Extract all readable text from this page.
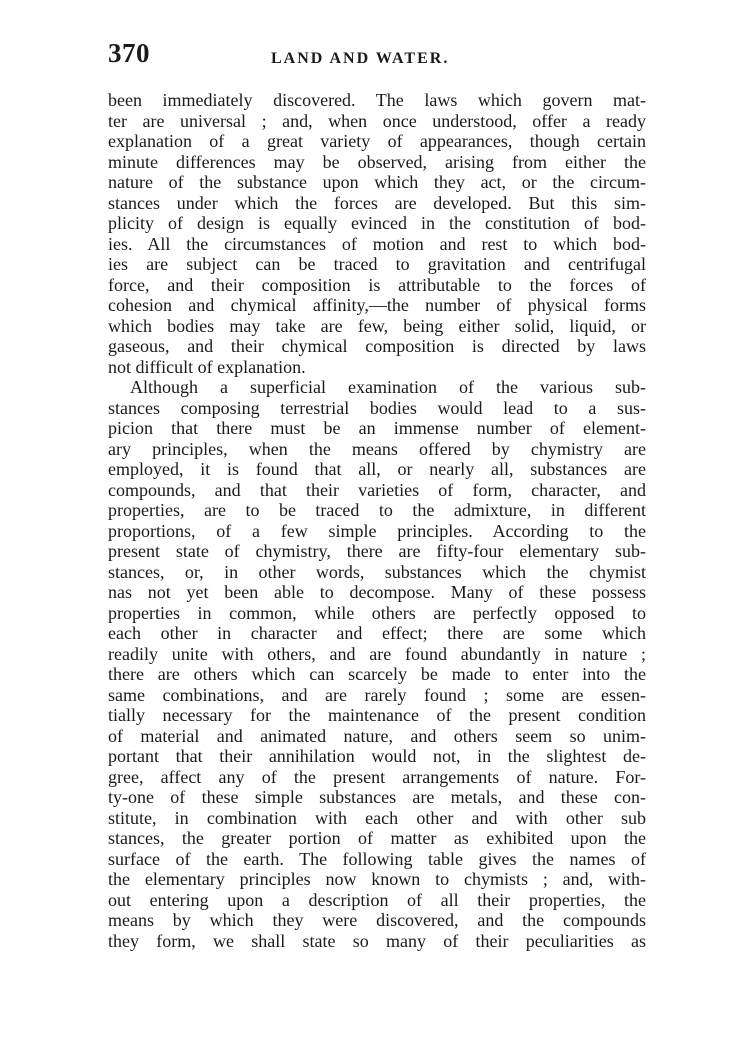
370	LAND AND WATER.
been immediately discovered. The laws which govern mat-
ter are universal ; and, when once understood, offer a ready
explanation of a great variety of appearances, though certain
minute differences may be observed, arising from either the
nature of the substance upon which they act, or the circum-
stances under which the forces are developed. But this sim-
plicity of design is equally evinced in the constitution of bod-
ies. All the circumstances of motion and rest to which bod-
ies are subject can be traced to gravitation and centrifugal
force, and their composition is attributable to the forces of
cohesion and chymical affinity,—the number of physical forms
which bodies may take are few, being either solid, liquid, or
gaseous, and their chymical composition is directed by laws
not difficult of explanation.
Although a superficial examination of the various sub-
stances composing terrestrial bodies would lead to a sus-
picion that there must be an immense number of element-
ary principles, when the means offered by chymistry are
employed, it is found that all, or nearly all, substances are
compounds, and that their varieties of form, character, and
properties, are to be traced to the admixture, in different
proportions, of a few simple principles. According to the
present state of chymistry, there are fifty-four elementary sub-
stances, or, in other words, substances which the chymist
nas not yet been able to decompose. Many of these possess
properties in common, while others are perfectly opposed to
each other in character and effect; there are some which
readily unite with others, and are found abundantly in nature ;
there are others which can scarcely be made to enter into the
same combinations, and are rarely found ; some are essen-
tially necessary for the maintenance of the present condition
of material and animated nature, and others seem so unim-
portant that their annihilation would not, in the slightest de-
gree, affect any of the present arrangements of nature. For-
ty-one of these simple substances are metals, and these con-
stitute, in combination with each other and with other sub
stances, the greater portion of matter as exhibited upon the
surface of the earth. The following table gives the names of
the elementary principles now known to chymists ; and, with-
out entering upon a description of all their properties, the
means by which they were discovered, and the compounds
they form, we shall state so many of their peculiarities as
